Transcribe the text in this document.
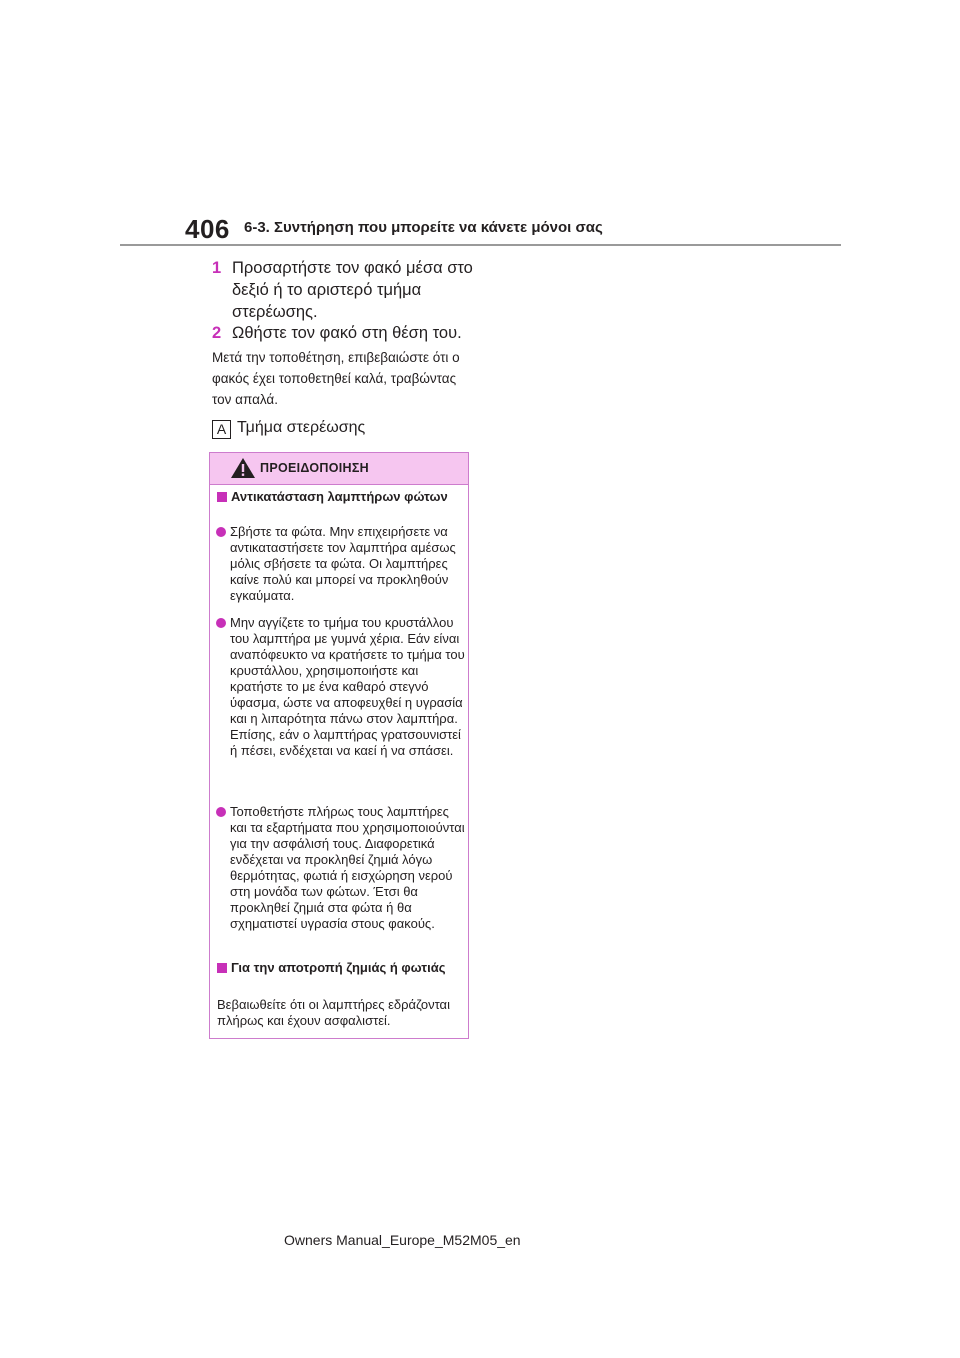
406 6-3. Συντήρηση που μπορείτε να κάνετε μόνοι σας
1 Προσαρτήστε τον φακό μέσα στο δεξιό ή το αριστερό τμήμα στερέωσης.
2 Ωθήστε τον φακό στη θέση του.
Μετά την τοποθέτηση, επιβεβαιώστε ότι ο φακός έχει τοποθετηθεί καλά, τραβώντας τον απαλά.
A Τμήμα στερέωσης
ΠΡΟΕΙΔΟΠΟΙΗΣΗ
Αντικατάσταση λαμπτήρων φώτων
Σβήστε τα φώτα. Μην επιχειρήσετε να αντικαταστήσετε τον λαμπτήρα αμέσως μόλις σβήσετε τα φώτα. Οι λαμπτήρες καίνε πολύ και μπορεί να προκληθούν εγκαύματα.
Μην αγγίζετε το τμήμα του κρυστάλλου του λαμπτήρα με γυμνά χέρια. Εάν είναι αναπόφευκτο να κρατήσετε το τμήμα του κρυστάλλου, χρησιμοποιήστε και κρατήστε το με ένα καθαρό στεγνό ύφασμα, ώστε να αποφευχθεί η υγρασία και η λιπαρότητα πάνω στον λαμπτήρα. Επίσης, εάν ο λαμπτήρας γρατσουνιστεί ή πέσει, ενδέχεται να καεί ή να σπάσει.
Τοποθετήστε πλήρως τους λαμπτήρες και τα εξαρτήματα που χρησιμοποιούνται για την ασφάλισή τους. Διαφορετικά ενδέχεται να προκληθεί ζημιά λόγω θερμότητας, φωτιά ή εισχώρηση νερού στη μονάδα των φώτων. Έτσι θα προκληθεί ζημιά στα φώτα ή θα σχηματιστεί υγρασία στους φακούς.
Για την αποτροπή ζημιάς ή φωτιάς
Βεβαιωθείτε ότι οι λαμπτήρες εδράζονται πλήρως και έχουν ασφαλιστεί.
Owners Manual_Europe_M52M05_en
